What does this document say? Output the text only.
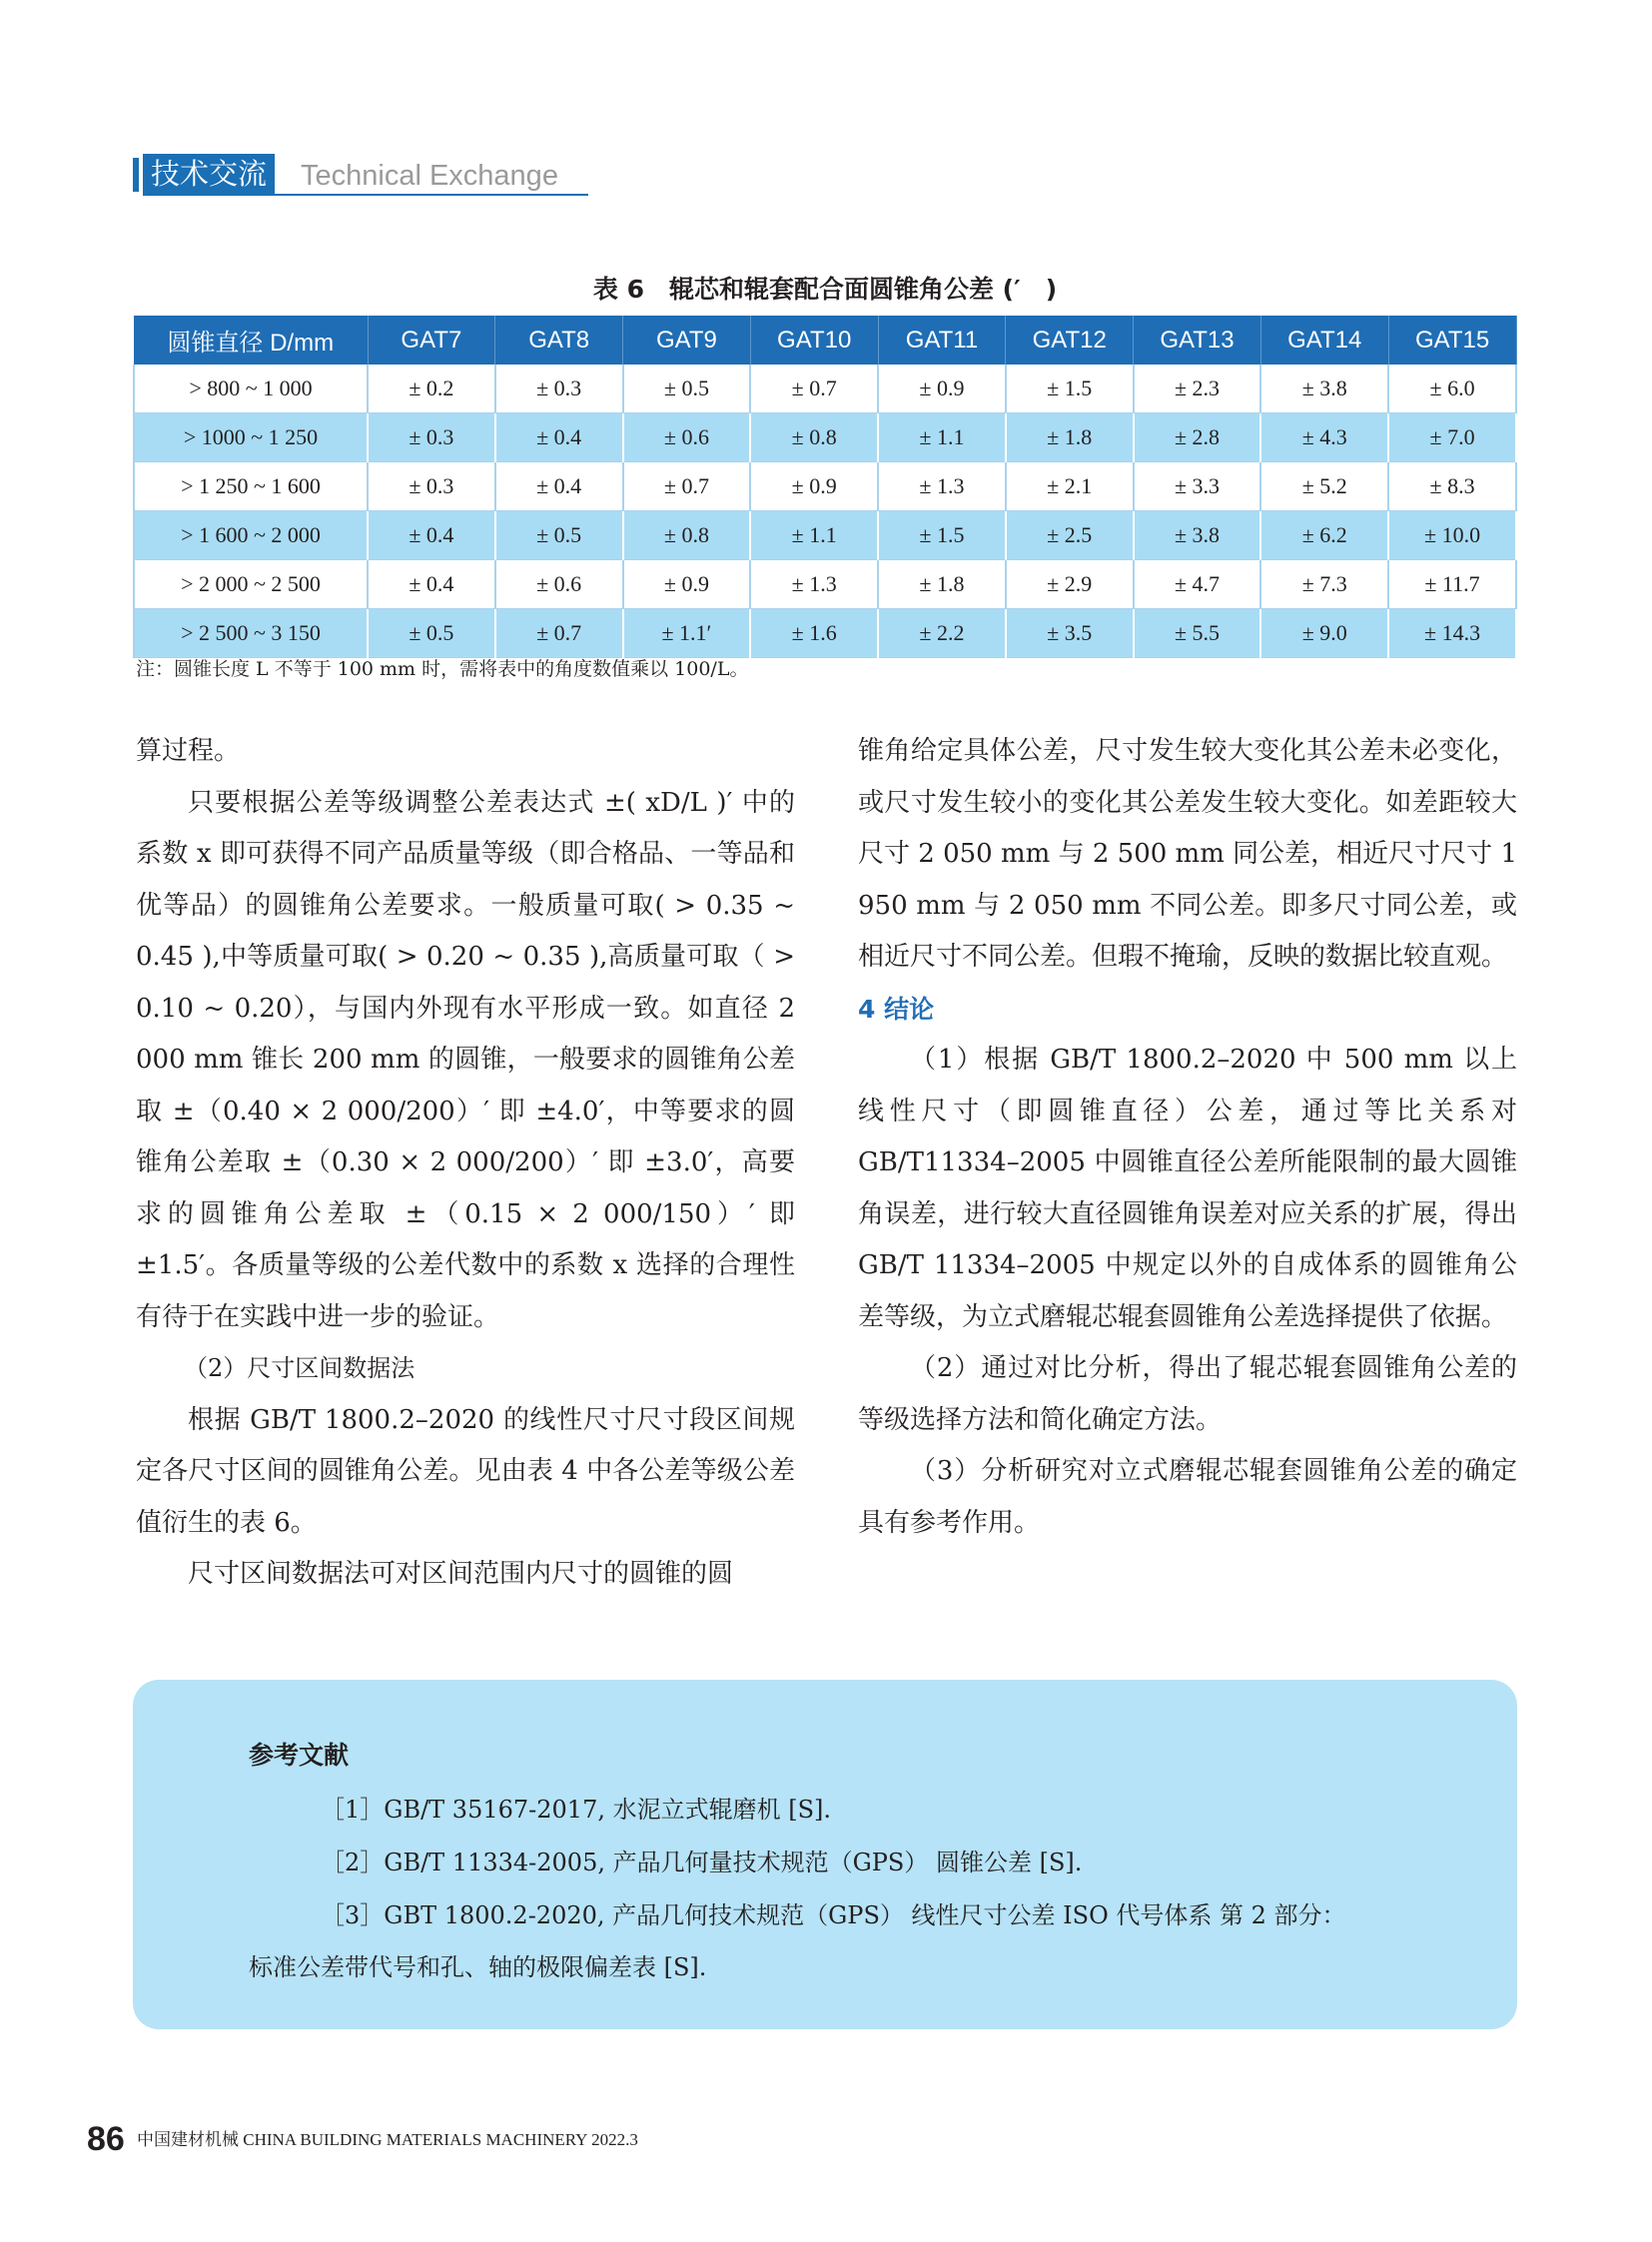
技术交流 Technical Exchange
表 6　辊芯和辊套配合面圆锥角公差 (′　)
圆锥直径 D/mm	GAT7	GAT8	GAT9	GAT10	GAT11	GAT12	GAT13	GAT14	GAT15
> 800 ~ 1 000	± 0.2	± 0.3	± 0.5	± 0.7	± 0.9	± 1.5	± 2.3	± 3.8	± 6.0
> 1000 ~ 1 250	± 0.3	± 0.4	± 0.6	± 0.8	± 1.1	± 1.8	± 2.8	± 4.3	± 7.0
> 1 250 ~ 1 600	± 0.3	± 0.4	± 0.7	± 0.9	± 1.3	± 2.1	± 3.3	± 5.2	± 8.3
> 1 600 ~ 2 000	± 0.4	± 0.5	± 0.8	± 1.1	± 1.5	± 2.5	± 3.8	± 6.2	± 10.0
> 2 000 ~ 2 500	± 0.4	± 0.6	± 0.9	± 1.3	± 1.8	± 2.9	± 4.7	± 7.3	± 11.7
> 2 500 ~ 3 150	± 0.5	± 0.7	± 1.1′	± 1.6	± 2.2	± 3.5	± 5.5	± 9.0	± 14.3
注：圆锥长度 L 不等于 100 mm 时，需将表中的角度数值乘以 100/L。

算过程。

只要根据公差等级调整公差表达式 ±( xD/L )′ 中的系数 x 即可获得不同产品质量等级（即合格品、一等品和优等品）的圆锥角公差要求。一般质量可取( > 0.35 ~ 0.45 ),中等质量可取( > 0.20 ~ 0.35 ),高质量可取（ > 0.10 ~ 0.20），与国内外现有水平形成一致。如直径 2 000 mm 锥长 200 mm 的圆锥，一般要求的圆锥角公差取 ±（0.40 × 2 000/200）′ 即 ±4.0′，中等要求的圆锥角公差取 ±（0.30 × 2 000/200）′ 即 ±3.0′，高要求的圆锥角公差取 ±（0.15 × 2 000/150）′ 即 ±1.5′。各质量等级的公差代数中的系数 x 选择的合理性有待于在实践中进一步的验证。

（2）尺寸区间数据法

根据 GB/T 1800.2–2020 的线性尺寸尺寸段区间规定各尺寸区间的圆锥角公差。见由表 4 中各公差等级公差值衍生的表 6。

尺寸区间数据法可对区间范围内尺寸的圆锥的圆

锥角给定具体公差，尺寸发生较大变化其公差未必变化，或尺寸发生较小的变化其公差发生较大变化。如差距较大尺寸 2 050 mm 与 2 500 mm 同公差，相近尺寸尺寸 1 950 mm 与 2 050 mm 不同公差。即多尺寸同公差，或相近尺寸不同公差。但瑕不掩瑜，反映的数据比较直观。

4 结论

（1）根据 GB/T 1800.2–2020 中 500 mm 以上线性尺寸（即圆锥直径）公差，通过等比关系对 GB/T11334–2005 中圆锥直径公差所能限制的最大圆锥角误差，进行较大直径圆锥角误差对应关系的扩展，得出 GB/T 11334–2005 中规定以外的自成体系的圆锥角公差等级，为立式磨辊芯辊套圆锥角公差选择提供了依据。

（2）通过对比分析，得出了辊芯辊套圆锥角公差的等级选择方法和简化确定方法。

（3）分析研究对立式磨辊芯辊套圆锥角公差的确定具有参考作用。

参考文献
［1］GB/T 35167-2017, 水泥立式辊磨机 [S].
［2］GB/T 11334-2005, 产品几何量技术规范（GPS） 圆锥公差 [S].
［3］GBT 1800.2-2020, 产品几何技术规范（GPS） 线性尺寸公差 ISO 代号体系 第 2 部分：
标准公差带代号和孔、轴的极限偏差表 [S].
86 中国建材机械 CHINA BUILDING MATERIALS MACHINERY 2022.3
